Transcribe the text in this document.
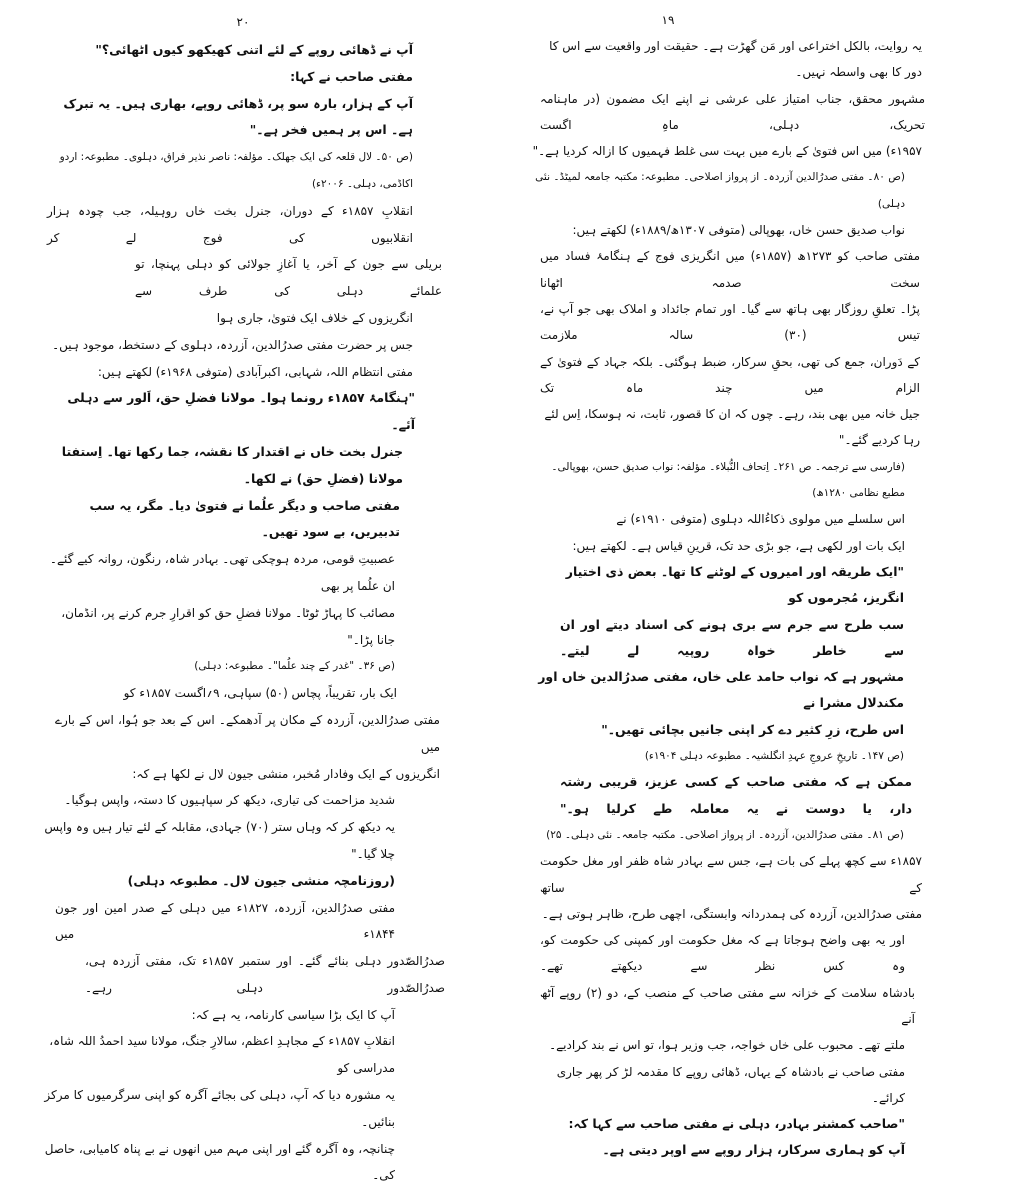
٢٠
آپ نے ڈھائی روپے کے لئے اتنی کھیکھو کیوں اٹھائی؟"
مفتی صاحب نے کہا:
آپ کے ہزار، بارہ سو پر، ڈھائی روپے، بھاری ہیں۔ یہ تبرک ہے۔ اس پر ہمیں فخر ہے۔"
(ص ۵۰۔ لال قلعہ کی ایک جھلک۔ مؤلفہ: ناصر نذیر فراق، دہلوی۔ مطبوعہ: اردو اکاڈمی، دہلی۔ ۲۰۰۶ء)
انقلابِ ۱۸۵۷ء کے دوران، جنرل بخت خاں روہیلہ، جب چودہ ہزار انقلابیوں کی فوج لے کر
بریلی سے جون کے آخر، یا آغازِ جولائی کو دہلی پہنچا، تو علمائے دہلی کی طرف سے
انگریزوں کے خلاف ایک فتویٰ، جاری ہوا
جس پر حضرت مفتی صدرُالدین، آزردہ، دہلوی کے دستخط، موجود ہیں۔
مفتی انتظام اللہ، شہابی، اکبرآبادی (متوفی ۱۹۶۸ء) لکھتے ہیں:
"ہنگامۂ ۱۸۵۷ء رونما ہوا۔ مولانا فضلِ حق، اَلور سے دہلی آئے۔
جنرل بخت خاں نے اقتدار کا نقشہ، جما رکھا تھا۔ اِستفتا مولانا (فضلِ حق) نے لکھا۔
مفتی صاحب و دیگر علُما نے فتویٰ دیا۔ مگر، یہ سب تدبیریں، بے سود تھیں۔
عصبیتِ قومی، مردہ ہوچکی تھی۔ بہادر شاہ، رنگون، روانہ کیے گئے۔ ان علُما پر بھی
مصائب کا پہاڑ ٹوٹا۔ مولانا فضلِ حق کو اقرارِ جرم کرنے پر، انڈمان، جانا پڑا۔"
(ص ۳۶۔ "غدر کے چند علُما"۔ مطبوعہ: دہلی)
ایک بار، تقریباً، پچاس (۵۰) سپاہی، ۹؍اگست ۱۸۵۷ء کو
مفتی صدرُالدین، آزردہ کے مکان پر آدھمکے۔ اس کے بعد جو ہُوا، اس کے بارے میں
انگریزوں کے ایک وفادار مُخبر، منشی جیون لال نے لکھا ہے کہ:
شدید مزاحمت کی تیاری، دیکھ کر سپاہیوں کا دستہ، واپس ہوگیا۔
یہ دیکھ کر کہ وہاں ستر (۷۰) جہادی، مقابلہ کے لئے تیار ہیں وہ واپس چلا گیا۔"
(روزنامچہ منشی جیون لال۔ مطبوعہ دہلی)
مفتی صدرُالدین، آزردہ، ۱۸۲۷ء میں دہلی کے صدر امین اور جون ۱۸۴۴ء میں
صدرُالصّدور دہلی بنائے گئے۔ اور ستمبر ۱۸۵۷ء تک، مفتی آزردہ ہی، صدرُالصّدور دہلی رہے۔
آپ کا ایک بڑا سیاسی کارنامہ، یہ ہے کہ:
انقلابِ ۱۸۵۷ء کے مجاہدِ اعظم، سالارِ جنگ، مولانا سید احمدُ اللہ شاہ، مدراسی کو
یہ مشورہ دیا کہ آپ، دہلی کی بجائے آگرہ کو اپنی سرگرمیوں کا مرکز بنائیں۔
چنانچہ، وہ آگرہ گئے اور اپنی مہم میں انھوں نے بے پناہ کامیابی، حاصل کی۔
١٩
یہ روایت، بالکل اختراعی اور مَن گھڑت ہے۔ حقیقت اور واقعیت سے اس کا دور کا بھی واسطہ نہیں۔
مشہور محقق، جناب امتیاز علی عرشی نے اپنے ایک مضمون (در ماہنامہ تحریک، دہلی، ماہِ اگست
۱۹۵۷ء) میں اس فتویٰ کے بارے میں بہت سی غلط فہمیوں کا ازالہ کردیا ہے۔"
(ص ۸۰۔ مفتی صدرُالدین آزردہ۔ از پرواز اصلاحی۔ مطبوعہ: مکتبہ جامعہ لمیٹڈ۔ نئی دہلی)
نواب صدیق حسن خاں، بھوپالی (متوفی ۱۳۰۷ھ/۱۸۸۹ء) لکھتے ہیں:
مفتی صاحب کو ۱۲۷۳ھ (۱۸۵۷ء) میں انگریزی فوج کے ہنگامۂ فساد میں سخت صدمہ اٹھانا
پڑا۔ تعلقِ روزگار بھی ہاتھ سے گیا۔ اور تمام جائداد و املاک بھی جو آپ نے، تیس (۳۰) سالہ ملازمت
کے دَوران، جمع کی تھی، بحقِ سرکار، ضبط ہوگئی۔ بلکہ جہاد کے فتویٰ کے الزام میں چند ماہ تک
جیل خانہ میں بھی بند، رہے۔ چوں کہ ان کا قصور، ثابت، نہ ہوسکا، اِس لئے رہا کردیے گئے۔"
(فارسی سے ترجمہ۔ ص ۲۶۱۔ اِتحاف النُّبلاء۔ مؤلفہ: نواب صدیق حسن، بھوپالی۔ مطبع نظامی ۱۲۸۰ھ)
اس سلسلے میں مولوی ذکاءُاللہ دہلوی (متوفی ۱۹۱۰ء) نے
ایک بات اور لکھی ہے، جو بڑی حد تک، قرینِ قیاس ہے۔ لکھتے ہیں:
"ایک طریقہ اور امیروں کے لوٹنے کا تھا۔ بعض ذی اختیار انگریز، مُجرموں کو
سب طرح سے جرم سے بری ہونے کی اسناد دیتے اور ان سے خاطر خواہ روپیہ لے لیتے۔
مشہور ہے کہ نواب حامد علی خاں، مفتی صدرُالدین خاں اور مکندلال مشرا نے
اس طرح، زرِ کثیر دے کر اپنی جانیں بچائی تھیں۔"
(ص ۱۴۷۔ تاریخِ عروجِ عہدِ انگلشیہ۔ مطبوعہ دہلی ۱۹۰۴ء)
ممکن ہے کہ مفتی صاحب کے کسی عزیز، قریبی رشتہ دار، یا دوست نے یہ معاملہ طے کرلیا ہو۔"
(ص ۸۱۔ مفتی صدرُالدین، آزردہ۔ از پرواز اصلاحی۔ مکتبہ جامعہ۔ نئی دہلی۔ ۲۵)
۱۸۵۷ء سے کچھ پہلے کی بات ہے، جس سے بہادر شاہ ظفر اور مغل حکومت کے ساتھ
مفتی صدرُالدین، آزردہ کی ہمدردانہ وابستگی، اچھی طرح، ظاہر ہوتی ہے۔
اور یہ بھی واضح ہوجاتا ہے کہ مغل حکومت اور کمپنی کی حکومت کو، وہ کس نظر سے دیکھتے تھے۔
بادشاہ سلامت کے خزانہ سے مفتی صاحب کے منصب کے، دو (۲) روپے آٹھ آنے
ملتے تھے۔ محبوب علی خاں خواجہ، جب وزیر ہوا، تو اس نے بند کرادیے۔
مفتی صاحب نے بادشاہ کے یہاں، ڈھائی روپے کا مقدمہ لڑ کر پھر جاری کرائے۔
"صاحب کمشنر بہادر، دہلی نے مفتی صاحب سے کہا کہ:
آپ کو ہماری سرکار، ہزار روپے سے اوپر دیتی ہے۔
